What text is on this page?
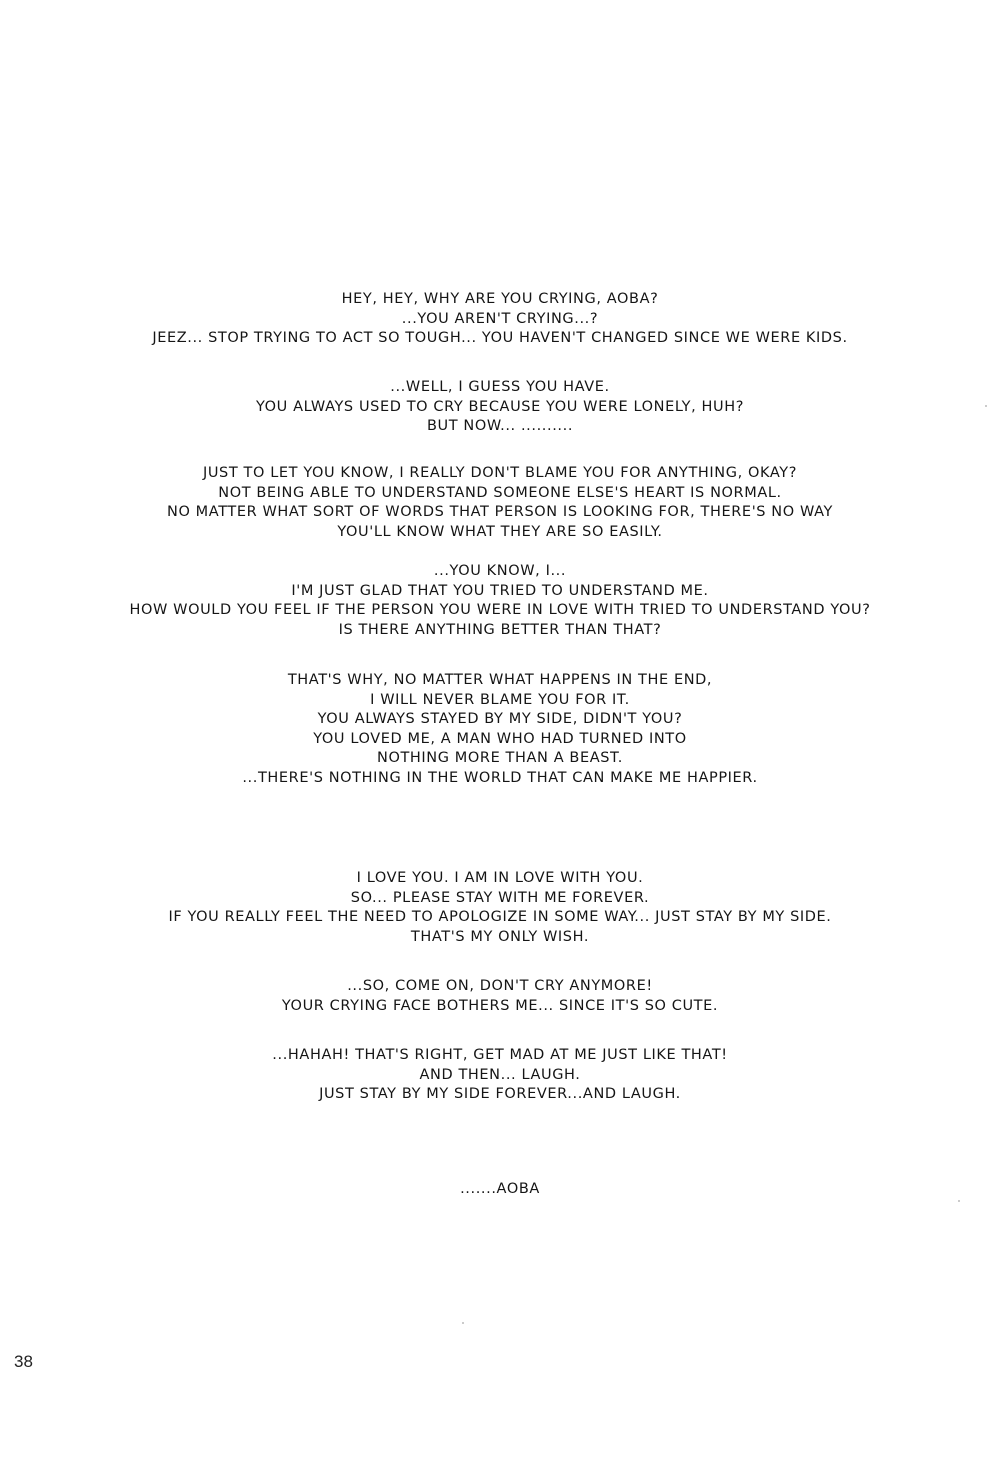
HEY, HEY, WHY ARE YOU CRYING, AOBA?
...YOU AREN'T CRYING...?
JEEZ... STOP TRYING TO ACT SO TOUGH... YOU HAVEN'T CHANGED SINCE WE WERE KIDS.
...WELL, I GUESS YOU HAVE.
YOU ALWAYS USED TO CRY BECAUSE YOU WERE LONELY, HUH?
BUT NOW... ..........
JUST TO LET YOU KNOW, I REALLY DON'T BLAME YOU FOR ANYTHING, OKAY?
NOT BEING ABLE TO UNDERSTAND SOMEONE ELSE'S HEART IS NORMAL.
NO MATTER WHAT SORT OF WORDS THAT PERSON IS LOOKING FOR, THERE'S NO WAY
YOU'LL KNOW WHAT THEY ARE SO EASILY.
...YOU KNOW, I...
I'M JUST GLAD THAT YOU TRIED TO UNDERSTAND ME.
HOW WOULD YOU FEEL IF THE PERSON YOU WERE IN LOVE WITH TRIED TO UNDERSTAND YOU?
IS THERE ANYTHING BETTER THAN THAT?
THAT'S WHY, NO MATTER WHAT HAPPENS IN THE END,
I WILL NEVER BLAME YOU FOR IT.
YOU ALWAYS STAYED BY MY SIDE, DIDN'T YOU?
YOU LOVED ME, A MAN WHO HAD TURNED INTO
NOTHING MORE THAN A BEAST.
...THERE'S NOTHING IN THE WORLD THAT CAN MAKE ME HAPPIER.
I LOVE YOU. I AM IN LOVE WITH YOU.
SO... PLEASE STAY WITH ME FOREVER.
IF YOU REALLY FEEL THE NEED TO APOLOGIZE IN SOME WAY... JUST STAY BY MY SIDE.
THAT'S MY ONLY WISH.
...SO, COME ON, DON'T CRY ANYMORE!
YOUR CRYING FACE BOTHERS ME... SINCE IT'S SO CUTE.
...HAHAH! THAT'S RIGHT, GET MAD AT ME JUST LIKE THAT!
AND THEN... LAUGH.
JUST STAY BY MY SIDE FOREVER...AND LAUGH.
.......AOBA
38
